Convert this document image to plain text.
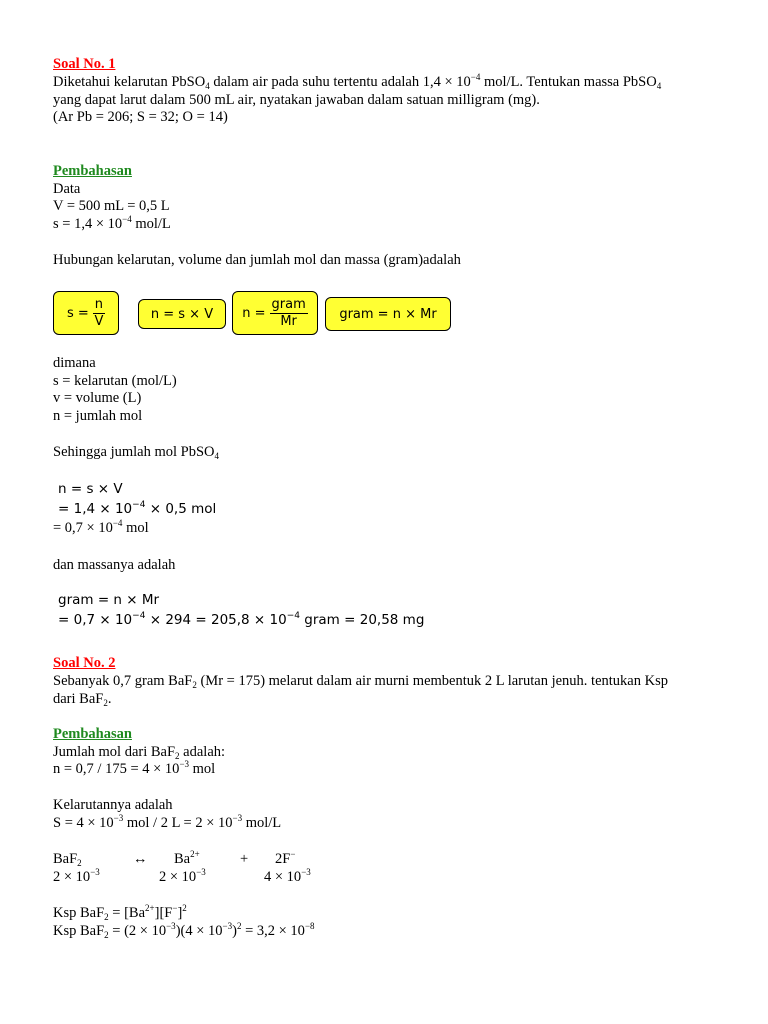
Soal No. 1
Diketahui kelarutan PbSO$_4$ dalam air pada suhu tertentu adalah $1,4 \times 10^{-4}$ mol/L. Tentukan massa PbSO$_4$
yang dapat larut dalam 500 mL air, nyatakan jawaban dalam satuan milligram (mg).
(Ar Pb = 206; S = 32; O = 14)
Pembahasan
Data
V = 500 mL = 0,5 L
$s = 1,4 \times 10^{-4}$ mol/L
Hubungan kelarutan, volume dan jumlah mol dan massa (gram)adalah
$s = \frac{n}{V}$	n = s × V $n = \frac{\text{gram}}{Mr}$ gram = n × Mr
dimana
s = kelarutan (mol/L)
v = volume (L)
n = jumlah mol
Sehingga jumlah mol PbSO$_4$
n = s × V
= $1,4 \times 10^{-4} \times 0,5$ mol
= $0,7 \times 10^{-4}$ mol
dan massanya adalah
gram = n × Mr
= $0,7 \times 10^{-4} \times 294 = 205,8 \times 10^{-4}$ gram = 20,58 mg
Soal No. 2
Sebanyak 0,7 gram BaF$_2$ (Mr = 175) melarut dalam air murni membentuk 2 L larutan jenuh. tentukan Ksp
dari BaF$_2$.
Pembahasan
Jumlah mol dari BaF$_2$ adalah:
$n = 0,7 / 175 = 4 \times 10^{-3}$ mol
Kelarutannya adalah
$S = 4 \times 10^{-3}$ mol / 2 $L = 2 \times 10^{-3}$ mol/L
BaF$_2$	↔ $Ba^{2+}$	+ 2F−
$2 \times 10^{-3}$	$2 \times 10^{-3}$	$4 \times 10^{-3}$
Ksp $BaF_2 = [Ba^{2+}][F^-]^2$
Ksp $BaF_2 = (2 \times 10^{-3})(4 \times 10^{-3})^2 = 3,2 \times 10^{-8}$
